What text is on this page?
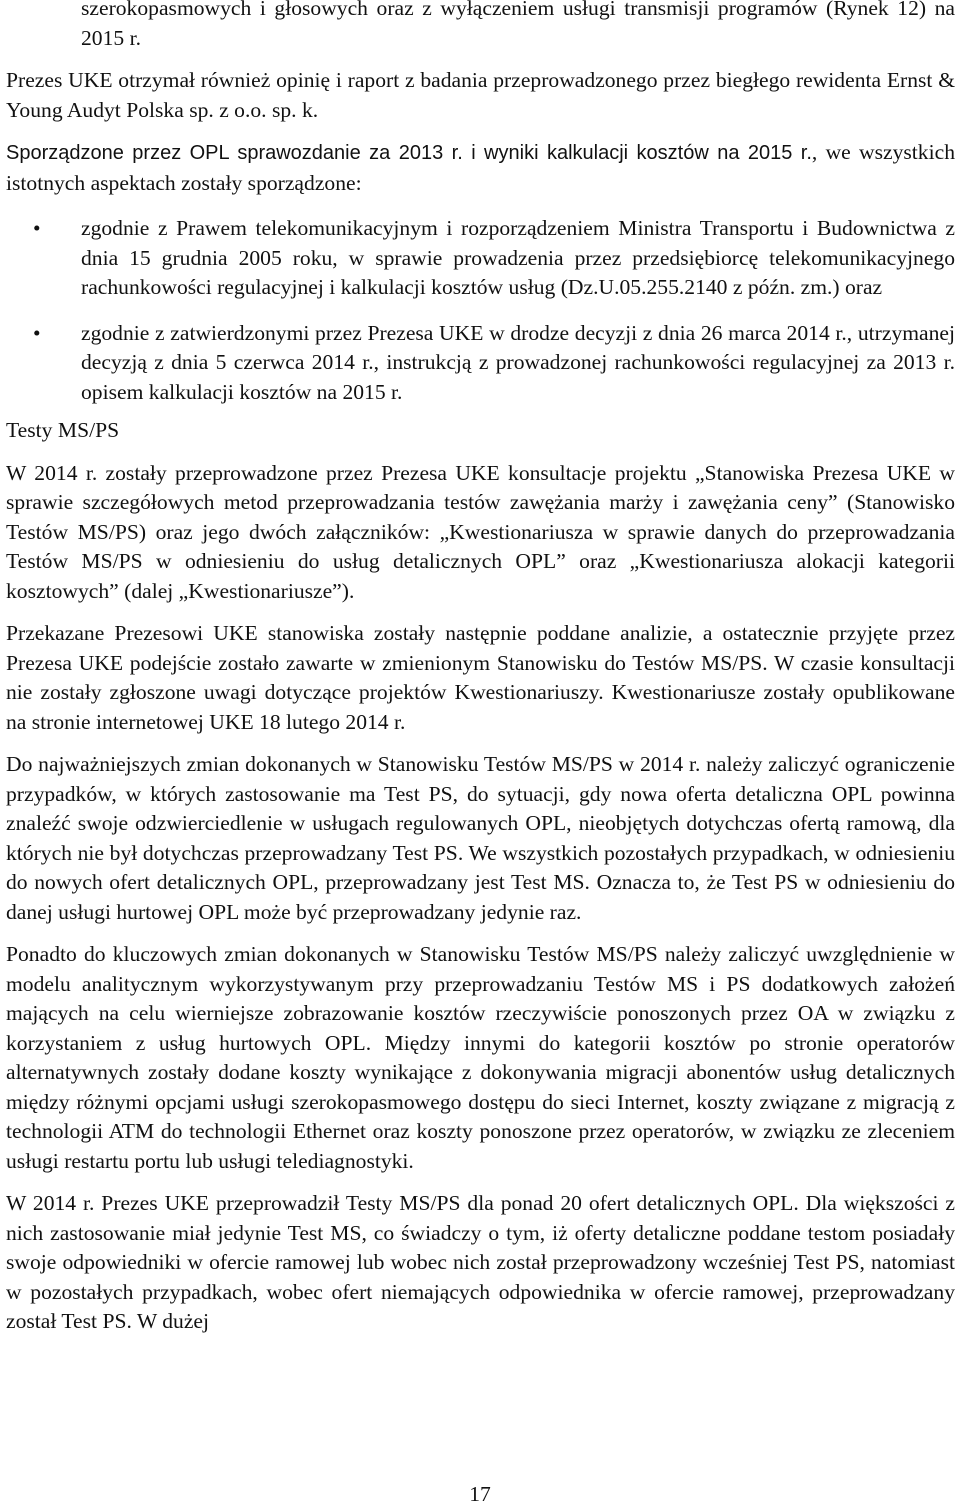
szerokopasmowych i głosowych oraz z wyłączeniem usługi transmisji programów (Rynek 12) na 2015 r.

Prezes UKE otrzymał również opinię i raport z badania przeprowadzonego przez biegłego rewidenta Ernst & Young Audyt Polska sp. z o.o. sp. k.

Sporządzone przez OPL sprawozdanie za 2013 r. i wyniki kalkulacji kosztów na 2015 r., we wszystkich istotnych aspektach zostały sporządzone:

• zgodnie z Prawem telekomunikacyjnym i rozporządzeniem Ministra Transportu i Budownictwa z dnia 15 grudnia 2005 roku, w sprawie prowadzenia przez przedsiębiorcę telekomunikacyjnego rachunkowości regulacyjnej i kalkulacji kosztów usług (Dz.U.05.255.2140 z późn. zm.) oraz
• zgodnie z zatwierdzonymi przez Prezesa UKE w drodze decyzji z dnia 26 marca 2014 r., utrzymanej decyzją z dnia 5 czerwca 2014 r., instrukcją z prowadzonej rachunkowości regulacyjnej za 2013 r. opisem kalkulacji kosztów na 2015 r.

Testy MS/PS

W 2014 r. zostały przeprowadzone przez Prezesa UKE konsultacje projektu „Stanowiska Prezesa UKE w sprawie szczegółowych metod przeprowadzania testów zawężania marży i zawężania ceny” (Stanowisko Testów MS/PS) oraz jego dwóch załączników: „Kwestionariusza w sprawie danych do przeprowadzania Testów MS/PS w odniesieniu do usług detalicznych OPL” oraz „Kwestionariusza alokacji kategorii kosztowych” (dalej „Kwestionariusze”).

Przekazane Prezesowi UKE stanowiska zostały następnie poddane analizie, a ostatecznie przyjęte przez Prezesa UKE podejście zostało zawarte w zmienionym Stanowisku do Testów MS/PS. W czasie konsultacji nie zostały zgłoszone uwagi dotyczące projektów Kwestionariuszy. Kwestionariusze zostały opublikowane na stronie internetowej UKE 18 lutego 2014 r.

Do najważniejszych zmian dokonanych w Stanowisku Testów MS/PS w 2014 r. należy zaliczyć ograniczenie przypadków, w których zastosowanie ma Test PS, do sytuacji, gdy nowa oferta detaliczna OPL powinna znaleźć swoje odzwierciedlenie w usługach regulowanych OPL, nieobjętych dotychczas ofertą ramową, dla których nie był dotychczas przeprowadzany Test PS. We wszystkich pozostałych przypadkach, w odniesieniu do nowych ofert detalicznych OPL, przeprowadzany jest Test MS. Oznacza to, że Test PS w odniesieniu do danej usługi hurtowej OPL może być przeprowadzany jedynie raz.

Ponadto do kluczowych zmian dokonanych w Stanowisku Testów MS/PS należy zaliczyć uwzględnienie w modelu analitycznym wykorzystywanym przy przeprowadzaniu Testów MS i PS dodatkowych założeń mających na celu wierniejsze zobrazowanie kosztów rzeczywiście ponoszonych przez OA w związku z korzystaniem z usług hurtowych OPL. Między innymi do kategorii kosztów po stronie operatorów alternatywnych zostały dodane koszty wynikające z dokonywania migracji abonentów usług detalicznych między różnymi opcjami usługi szerokopasmowego dostępu do sieci Internet, koszty związane z migracją z technologii ATM do technologii Ethernet oraz koszty ponoszone przez operatorów, w związku ze zleceniem usługi restartu portu lub usługi telediagnostyki.

W 2014 r. Prezes UKE przeprowadził Testy MS/PS dla ponad 20 ofert detalicznych OPL. Dla większości z nich zastosowanie miał jedynie Test MS, co świadczy o tym, iż oferty detaliczne poddane testom posiadały swoje odpowiedniki w ofercie ramowej lub wobec nich został przeprowadzony wcześniej Test PS, natomiast w pozostałych przypadkach, wobec ofert niemających odpowiednika w ofercie ramowej, przeprowadzany został Test PS. W dużej

17
